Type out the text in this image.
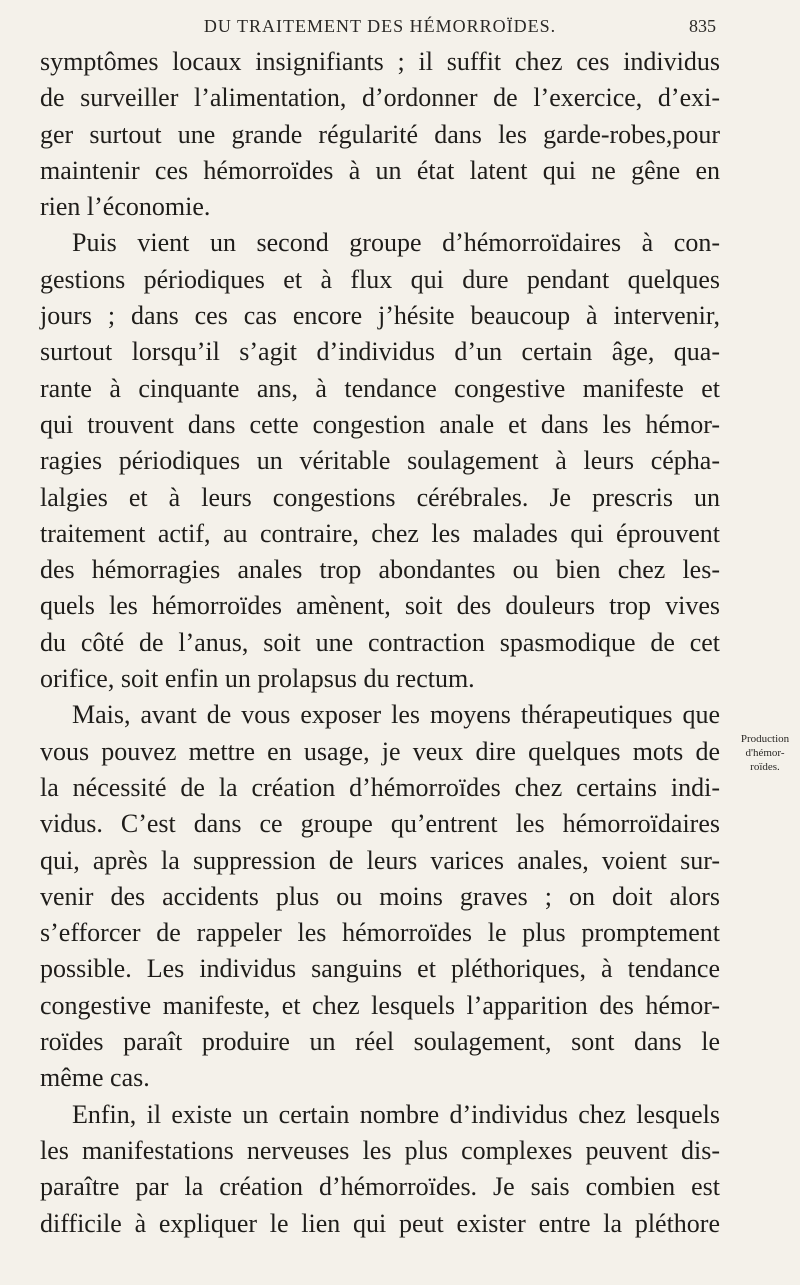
DU TRAITEMENT DES HÉMORROÏDES.	835
symptômes locaux insignifiants ; il suffit chez ces individus
de surveiller l’alimentation, d’ordonner de l’exercice, d’exi-
ger surtout une grande régularité dans les garde-robes,pour
maintenir ces hémorroïdes à un état latent qui ne gêne en
rien l’économie.
Puis vient un second groupe d’hémorroïdaires à con-
gestions périodiques et à flux qui dure pendant quelques
jours ; dans ces cas encore j’hésite beaucoup à intervenir,
surtout lorsqu’il s’agit d’individus d’un certain âge, qua-
rante à cinquante ans, à tendance congestive manifeste et
qui trouvent dans cette congestion anale et dans les hémor-
ragies périodiques un véritable soulagement à leurs cépha-
lalgies et à leurs congestions cérébrales. Je prescris un
traitement actif, au contraire, chez les malades qui éprouvent
des hémorragies anales trop abondantes ou bien chez les-
quels les hémorroïdes amènent, soit des douleurs trop vives
du côté de l’anus, soit une contraction spasmodique de cet
orifice, soit enfin un prolapsus du rectum.
Mais, avant de vous exposer les moyens thérapeutiques que
vous pouvez mettre en usage, je veux dire quelques mots de
la nécessité de la création d’hémorroïdes chez certains indi-
vidus. C’est dans ce groupe qu’entrent les hémorroïdaires
qui, après la suppression de leurs varices anales, voient sur-
venir des accidents plus ou moins graves ; on doit alors
s’efforcer de rappeler les hémorroïdes le plus promptement
possible. Les individus sanguins et pléthoriques, à tendance
congestive manifeste, et chez lesquels l’apparition des hémor-
roïdes paraît produire un réel soulagement, sont dans le
même cas.
Enfin, il existe un certain nombre d’individus chez lesquels
les manifestations nerveuses les plus complexes peuvent dis-
paraître par la création d’hémorroïdes. Je sais combien est
difficile à expliquer le lien qui peut exister entre la pléthore
Production
d'hémor-
roïdes.
